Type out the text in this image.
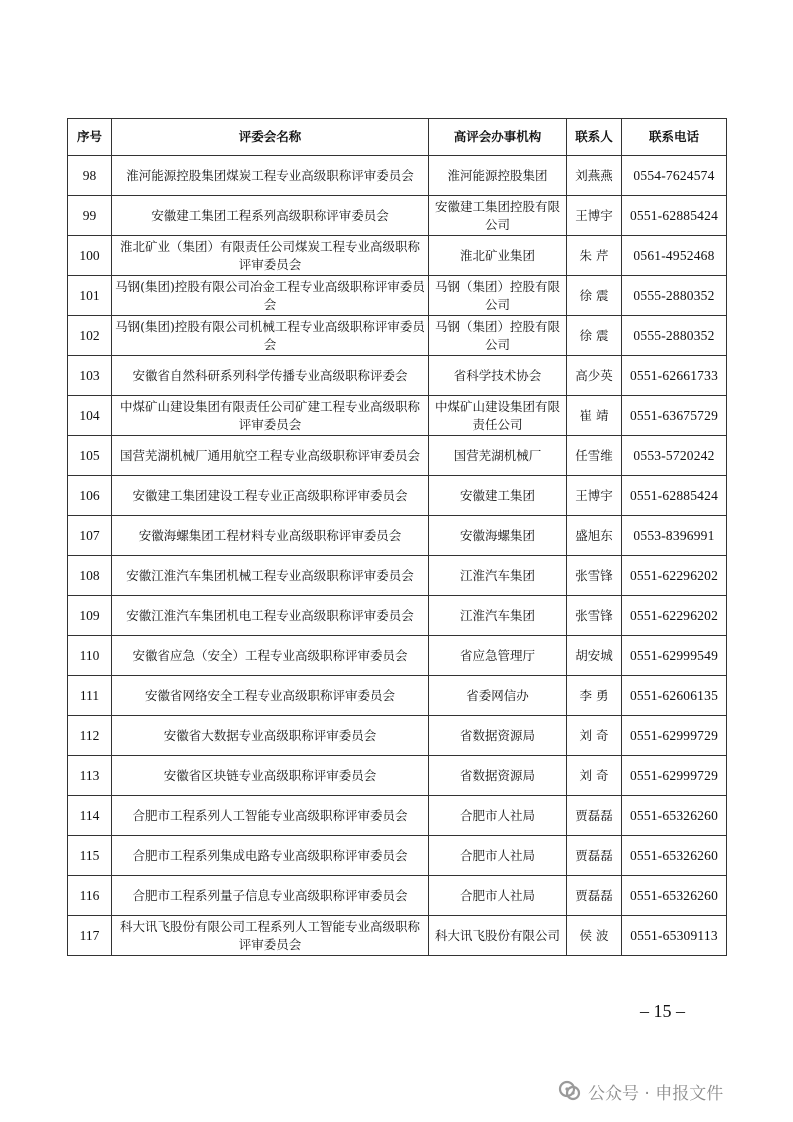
序号	评委会名称	高评会办事机构	联系人	联系电话
98	淮河能源控股集团煤炭工程专业高级职称评审委员会	淮河能源控股集团	刘燕燕	0554-7624574
99	安徽建工集团工程系列高级职称评审委员会	安徽建工集团控股有限公司	王博宇	0551-62885424
100	淮北矿业（集团）有限责任公司煤炭工程专业高级职称评审委员会	淮北矿业集团	朱 芹	0561-4952468
101	马钢(集团)控股有限公司冶金工程专业高级职称评审委员会	马钢（集团）控股有限公司	徐 震	0555-2880352
102	马钢(集团)控股有限公司机械工程专业高级职称评审委员会	马钢（集团）控股有限公司	徐 震	0555-2880352
103	安徽省自然科研系列科学传播专业高级职称评委会	省科学技术协会	高少英	0551-62661733
104	中煤矿山建设集团有限责任公司矿建工程专业高级职称评审委员会	中煤矿山建设集团有限责任公司	崔 靖	0551-63675729
105	国营芜湖机械厂通用航空工程专业高级职称评审委员会	国营芜湖机械厂	任雪维	0553-5720242
106	安徽建工集团建设工程专业正高级职称评审委员会	安徽建工集团	王博宇	0551-62885424
107	安徽海螺集团工程材料专业高级职称评审委员会	安徽海螺集团	盛旭东	0553-8396991
108	安徽江淮汽车集团机械工程专业高级职称评审委员会	江淮汽车集团	张雪锋	0551-62296202
109	安徽江淮汽车集团机电工程专业高级职称评审委员会	江淮汽车集团	张雪锋	0551-62296202
110	安徽省应急（安全）工程专业高级职称评审委员会	省应急管理厅	胡安城	0551-62999549
111	安徽省网络安全工程专业高级职称评审委员会	省委网信办	李 勇	0551-62606135
112	安徽省大数据专业高级职称评审委员会	省数据资源局	刘 奇	0551-62999729
113	安徽省区块链专业高级职称评审委员会	省数据资源局	刘 奇	0551-62999729
114	合肥市工程系列人工智能专业高级职称评审委员会	合肥市人社局	贾磊磊	0551-65326260
115	合肥市工程系列集成电路专业高级职称评审委员会	合肥市人社局	贾磊磊	0551-65326260
116	合肥市工程系列量子信息专业高级职称评审委员会	合肥市人社局	贾磊磊	0551-65326260
117	科大讯飞股份有限公司工程系列人工智能专业高级职称评审委员会	科大讯飞股份有限公司	侯 波	0551-65309113
– 15 –
公众号 · 申报文件
